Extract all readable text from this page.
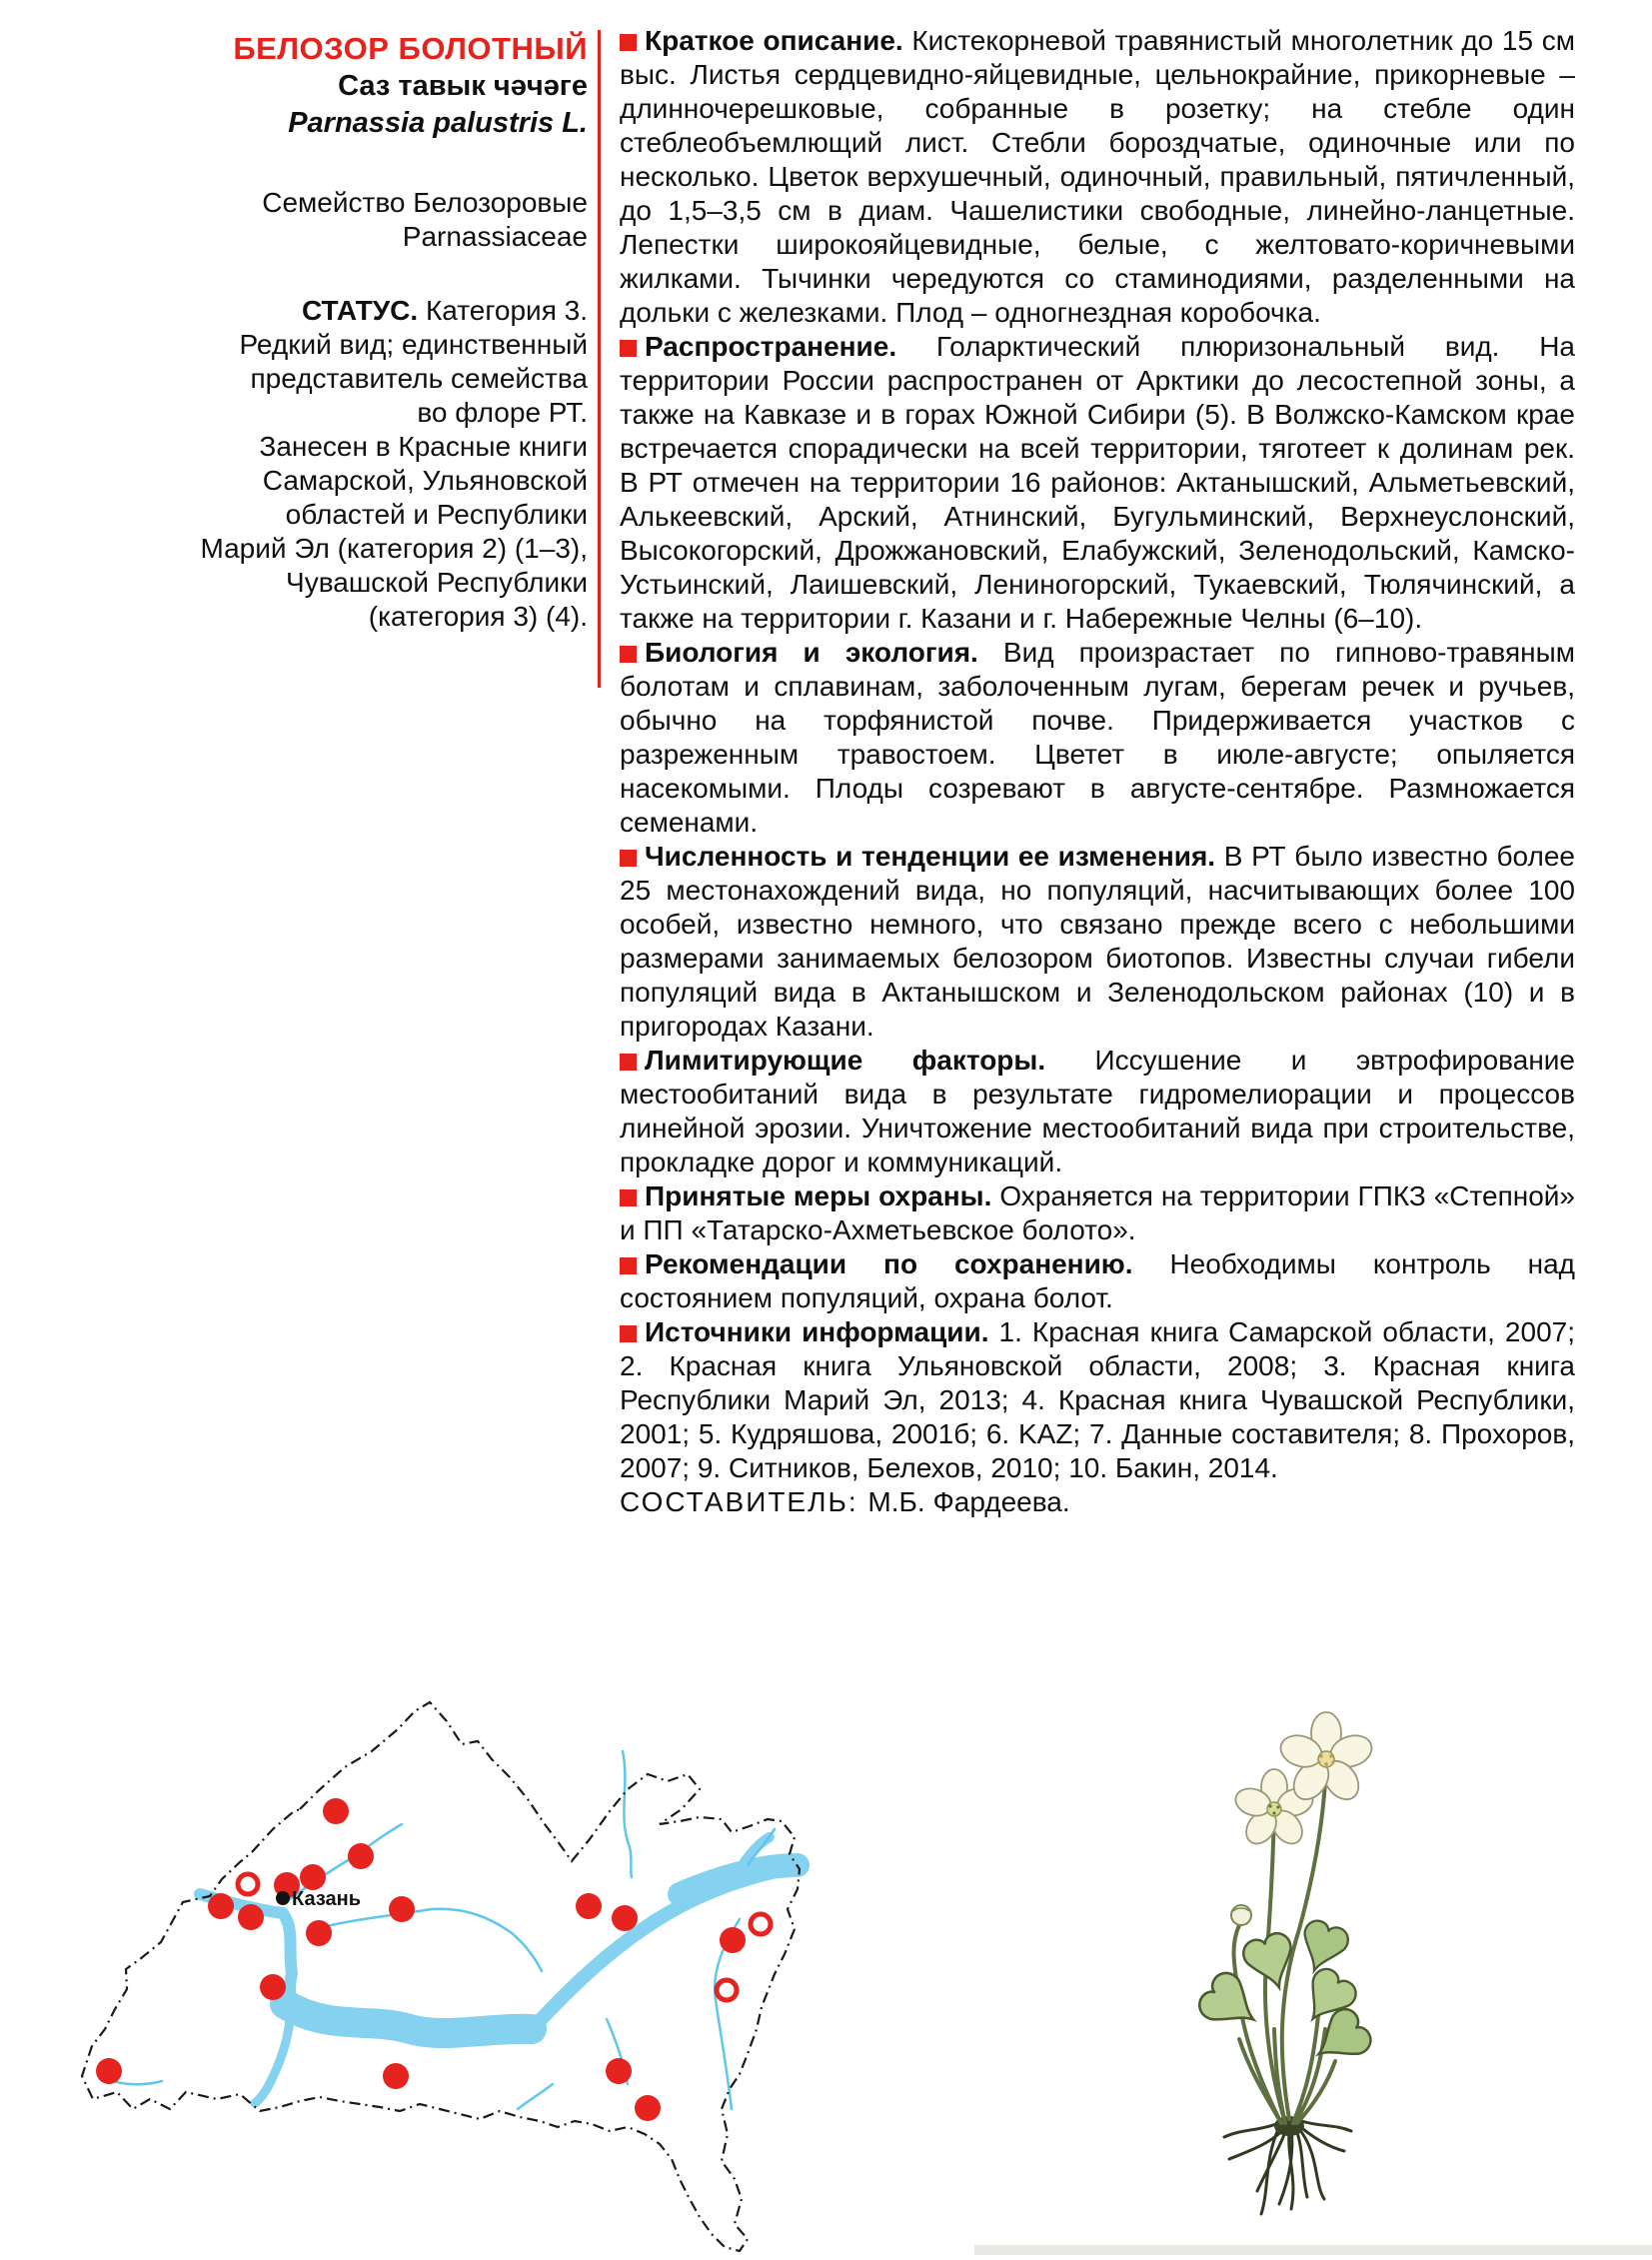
БЕЛОЗОР БОЛОТНЫЙ
Саз тавык чәчәге
Parnassia palustris L.
Семейство Белозоровые
Parnassiaceae
СТАТУС. Категория 3.
Редкий вид; единственный
представитель семейства
во флоре РТ.
Занесен в Красные книги
Самарской, Ульяновской
областей и Республики
Марий Эл (категория 2) (1–3),
Чувашской Республики
(категория 3) (4).

Краткое описание. Кистекорневой травянистый многолетник до 15 см выс. Листья сердцевидно-яйцевидные, цельнокрайние, прикорневые – длинночерешковые, собранные в розетку; на стебле один стеблеобъемлющий лист. Стебли бороздчатые, одиночные или по несколько. Цветок верхушечный, одиночный, правильный, пятичленный, до 1,5–3,5 см в диам. Чашелистики свободные, линейно-ланцетные. Лепестки широкояйцевидные, белые, с желтовато-коричневыми жилками. Тычинки чередуются со стаминодиями, разделенными на дольки с железками. Плод – одногнездная коробочка.

Распространение. Голарктический плюризональный вид. На территории России распространен от Арктики до лесостепной зоны, а также на Кавказе и в горах Южной Сибири (5). В Волжско-Камском крае встречается спорадически на всей территории, тяготеет к долинам рек. В РТ отмечен на территории 16 районов: Актанышский, Альметьевский, Алькеевский, Арский, Атнинский, Бугульминский, Верхнеуслонский, Высокогорский, Дрожжановский, Елабужский, Зеленодольский, Камско-Устьинский, Лаишевский, Лениногорский, Тукаевский, Тюлячинский, а также на территории г. Казани и г. Набережные Челны (6–10).

Биология и экология. Вид произрастает по гипново-травяным болотам и сплавинам, заболоченным лугам, берегам речек и ручьев, обычно на торфянистой почве. Придерживается участков с разреженным травостоем. Цветет в июле-августе; опыляется насекомыми. Плоды созревают в августе-сентябре. Размножается семенами.

Численность и тенденции ее изменения. В РТ было известно более 25 местонахождений вида, но популяций, насчитывающих более 100 особей, известно немного, что связано прежде всего с небольшими размерами занимаемых белозором биотопов. Известны случаи гибели популяций вида в Актанышском и Зеленодольском районах (10) и в пригородах Казани.

Лимитирующие факторы. Иссушение и эвтрофирование местообитаний вида в результате гидромелиорации и процессов линейной эрозии. Уничтожение местообитаний вида при строительстве, прокладке дорог и коммуникаций.

Принятые меры охраны. Охраняется на территории ГПКЗ «Степной» и ПП «Татарско-Ахметьевское болото».

Рекомендации по сохранению. Необходимы контроль над состоянием популяций, охрана болот.

Источники информации. 1. Красная книга Самарской области, 2007; 2. Красная книга Ульяновской области, 2008; 3. Красная книга Республики Марий Эл, 2013; 4. Красная книга Чувашской Республики, 2001; 5. Кудряшова, 2001б; 6. KAZ; 7. Данные составителя; 8. Прохоров, 2007; 9. Ситников, Белехов, 2010; 10. Бакин, 2014.

СОСТАВИТЕЛЬ: М.Б. Фардеева.

Казань
